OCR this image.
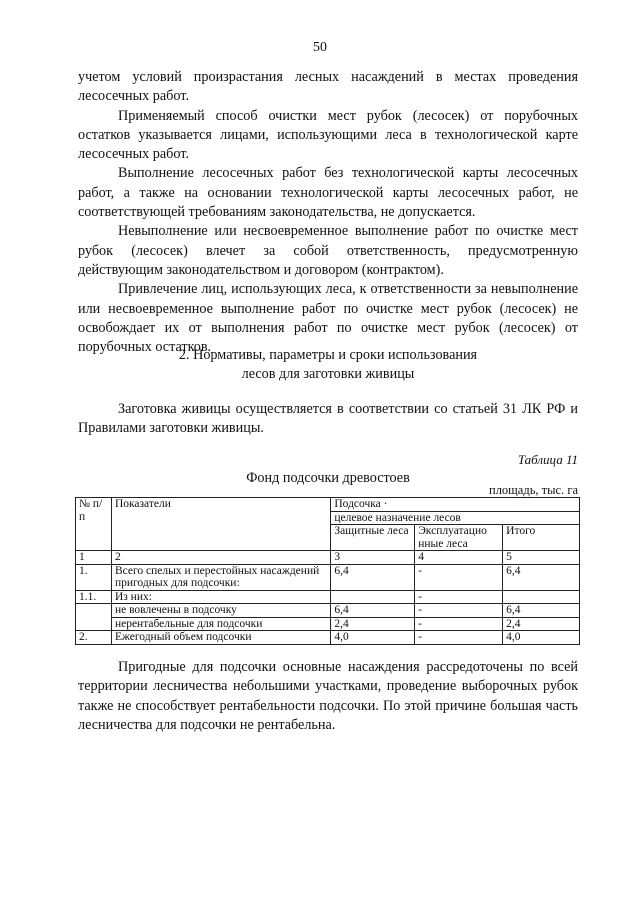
50

учетом условий произрастания лесных насаждений в местах проведения лесосечных работ.

Применяемый способ очистки мест рубок (лесосек) от порубочных остатков указывается лицами, использующими леса в технологической карте лесосечных работ.

Выполнение лесосечных работ без технологической карты лесосечных работ, а также на основании технологической карты лесосечных работ, не соответствующей требованиям законодательства, не допускается.

Невыполнение или несвоевременное выполнение работ по очистке мест рубок (лесосек) влечет за собой ответственность, предусмотренную действующим законодательством и договором (контрактом).

Привлечение лиц, использующих леса, к ответственности за невыполнение или несвоевременное выполнение работ по очистке мест рубок (лесосек) не освобождает их от выполнения работ по очистке мест рубок (лесосек) от порубочных остатков.

2. Нормативы, параметры и сроки использования
лесов для заготовки живицы

Заготовка живицы осуществляется в соответствии со статьей 31 ЛК РФ и Правилами заготовки живицы.

Таблица 11
Фонд подсочки древостоев
площадь, тыс. га
№ п/п	Показатели	Подсочка ·		
		целевое назначение лесов		
		Защитные леса	Эксплуатацио нные леса	Итого
1	2	3	4	5
1.	Всего спелых и перестойных насаждений пригодных для подсочки:	6,4	-	6,4
1.1.	Из них:		-	
	не вовлечены в подсочку	6,4	-	6,4
	нерентабельные для подсочки	2,4	-	2,4
2.	Ежегодный объем подсочки	4,0	-	4,0

Пригодные для подсочки основные насаждения рассредоточены по всей территории лесничества небольшими участками, проведение выборочных рубок также не способствует рентабельности подсочки. По этой причине большая часть лесничества для подсочки не рентабельна.
